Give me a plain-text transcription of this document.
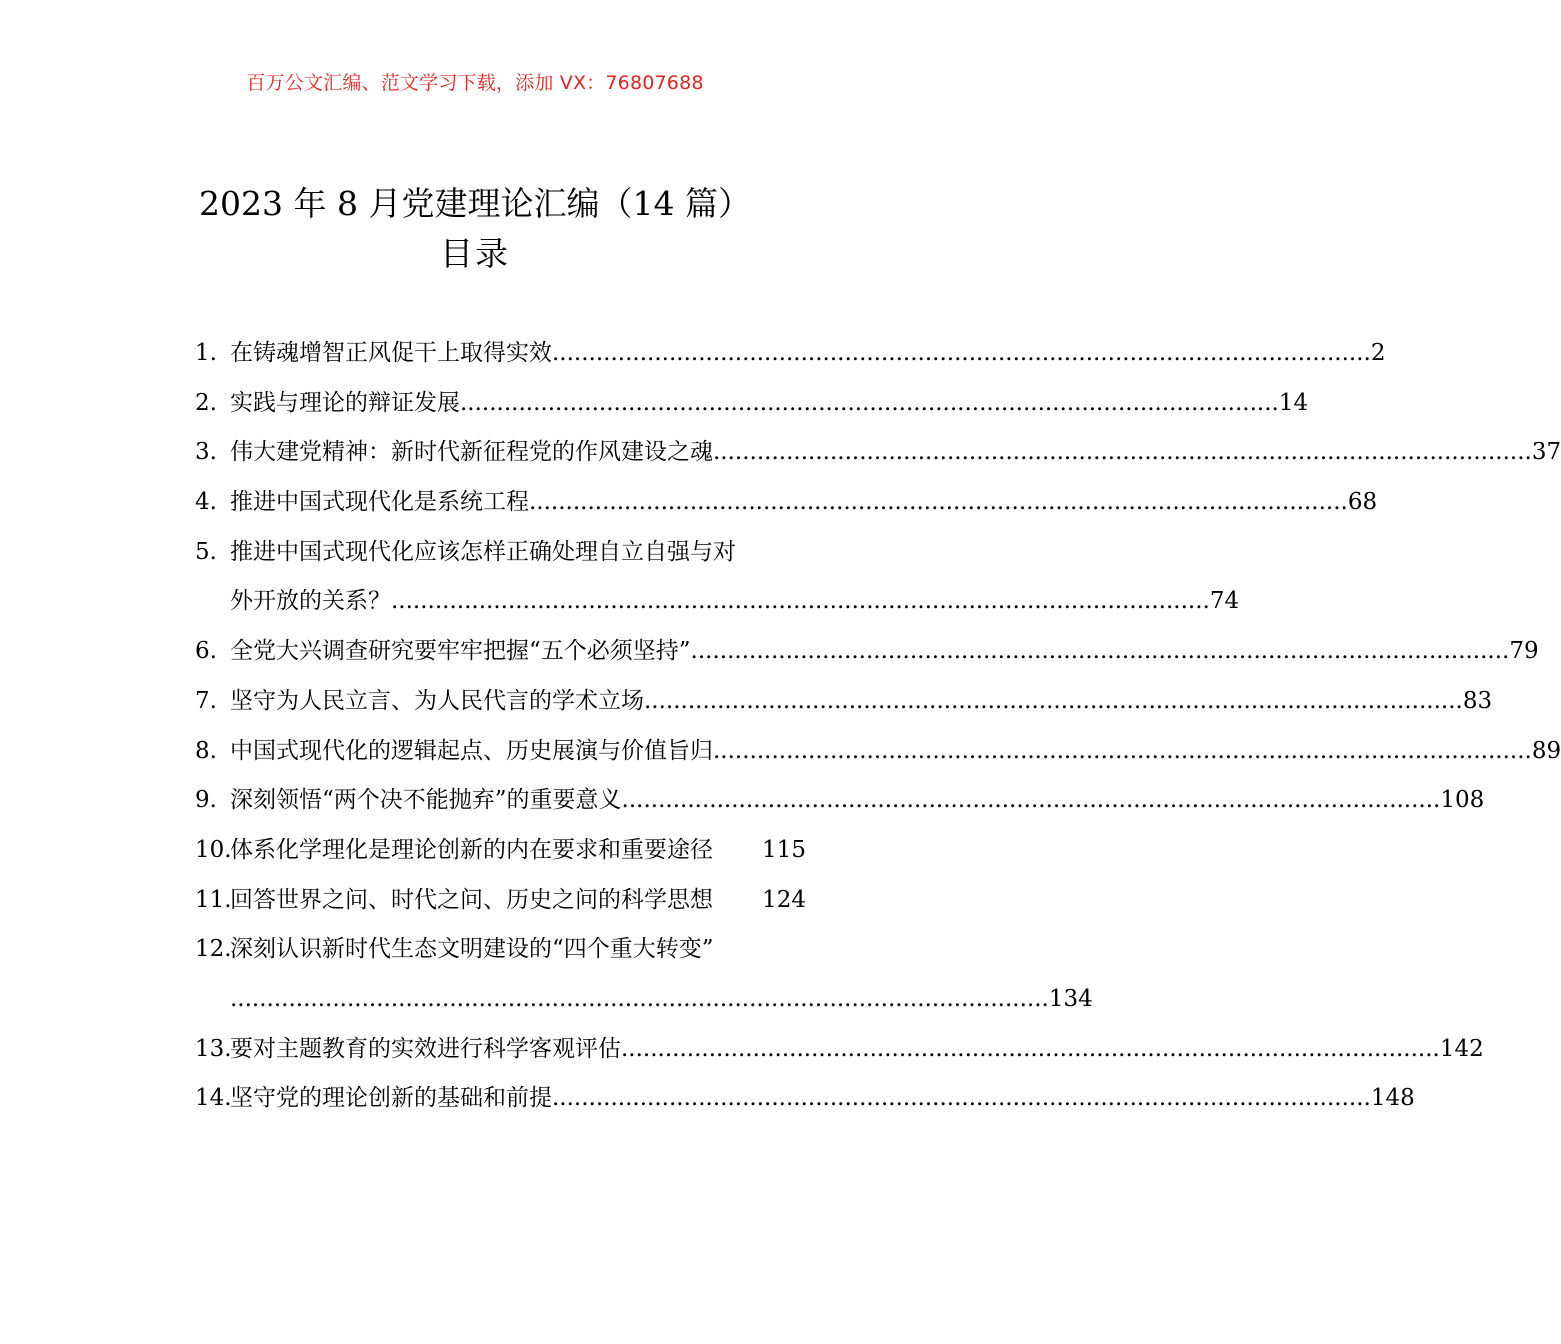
百万公文汇编、范文学习下载，添加 VX：76807688
2023 年 8 月党建理论汇编（14 篇）
目录
1. 在铸魂增智正风促干上取得实效 ................................................................................................................ 2
2. 实践与理论的辩证发展 ................................................................................................................ 14
3. 伟大建党精神：新时代新征程党的作风建设之魂 ................................................................................................................ 37
4. 推进中国式现代化是系统工程 ................................................................................................................ 68
5. 推进中国式现代化应该怎样正确处理自立自强与对
外开放的关系？ ................................................................................................................ 74
6. 全党大兴调查研究要牢牢把握“五个必须坚持” ................................................................................................................ 79
7. 坚守为人民立言、为人民代言的学术立场 ................................................................................................................ 83
8. 中国式现代化的逻辑起点、历史展演与价值旨归 ................................................................................................................ 89
9. 深刻领悟“两个决不能抛弃”的重要意义 ................................................................................................................ 108
10.
体系化学理化是理论创新的内在要求和重要途径 115
11.
回答世界之问、时代之问、历史之问的科学思想 124
12.
深刻认识新时代生态文明建设的“四个重大转变”
................................................................................................................ 134
13.
要对主题教育的实效进行科学客观评估 ................................................................................................................ 142
14.
坚守党的理论创新的基础和前提 ................................................................................................................ 148
